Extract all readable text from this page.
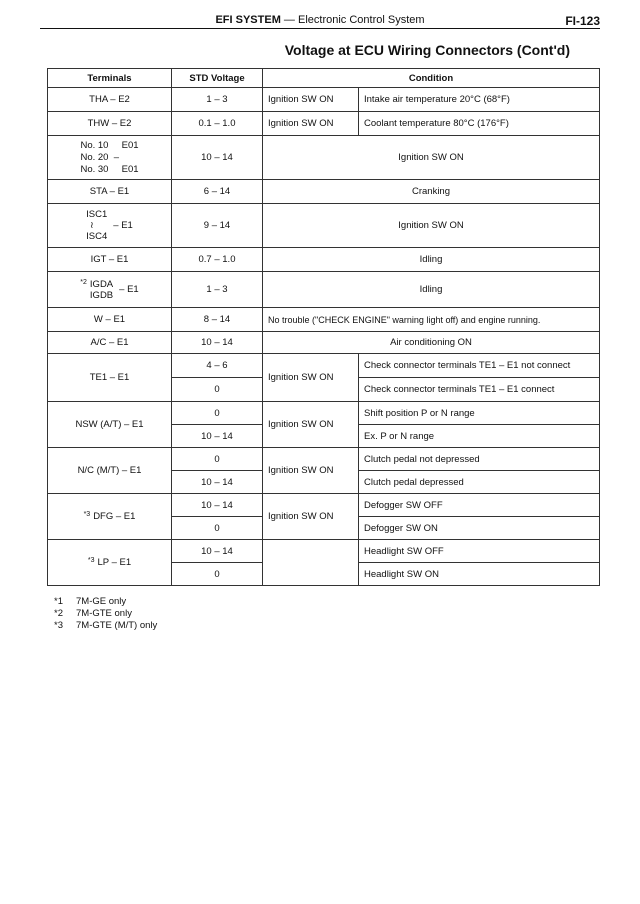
EFI SYSTEM — Electronic Control System	FI-123
Voltage at ECU Wiring Connectors (Cont'd)
Terminals	STD Voltage	Condition	
THA – E2	1 – 3	Ignition SW ON	Intake air temperature 20°C (68°F)
THW – E2	0.1 – 1.0	Ignition SW ON	Coolant temperature 80°C (176°F)

No. 10     E01
No. 20  –
No. 30     E01	10 – 14	Ignition SW ON	
STA – E1	6 – 14	Cranking	

ISC1
≀
ISC4
– E1	9 – 14	Ignition SW ON	
IGT – E1	0.7 – 1.0	Idling	
$^{*2}$ IGDA
IGDB – E1	1 – 3	Idling	
W – E1	8 – 14	No trouble ("CHECK ENGINE" warning light off) and engine running.	
A/C – E1	10 – 14	Air conditioning ON	
TE1 – E1	4 – 6	Ignition SW ON	Check connector terminals TE1 – E1 not connect
	0		Check connector terminals TE1 – E1 connect
NSW (A/T) – E1	0	Ignition SW ON	Shift position P or N range
	10 – 14		Ex. P or N range
N/C (M/T) – E1	0	Ignition SW ON	Clutch pedal not depressed
	10 – 14		Clutch pedal depressed
$^{*3}$ DFG – E1	10 – 14	Ignition SW ON	Defogger SW OFF
	0		Defogger SW ON
$^{*3}$ LP – E1	10 – 14		Headlight SW OFF
	0		Headlight SW ON
*1 7M-GE only
*2 7M-GTE only
*3 7M-GTE (M/T) only
